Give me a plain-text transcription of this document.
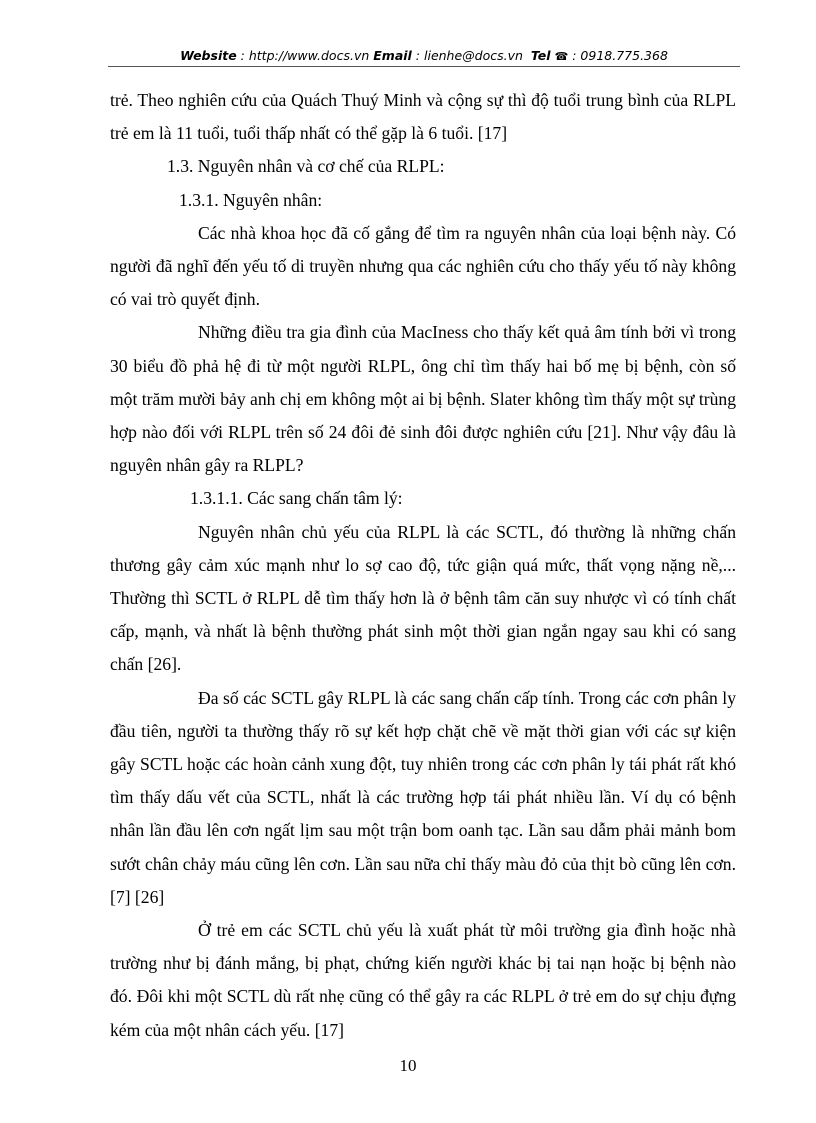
Website : http://www.docs.vn Email : lienhe@docs.vn Tel ☎ : 0918.775.368

trẻ. Theo nghiên cứu của Quách Thuý Minh và cộng sự thì độ tuổi trung bình của RLPL trẻ em là 11 tuổi, tuổi thấp nhất có thể gặp là 6 tuổi. [17]

1.3. Nguyên nhân và cơ chế của RLPL:

1.3.1. Nguyên nhân:

Các nhà khoa học đã cố gắng để tìm ra nguyên nhân của loại bệnh này. Có người đã nghĩ đến yếu tố di truyền nhưng qua các nghiên cứu cho thấy yếu tố này không có vai trò quyết định.

Những điều tra gia đình của MacIness cho thấy kết quả âm tính bởi vì trong 30 biểu đồ phả hệ đi từ một người RLPL, ông chỉ tìm thấy hai bố mẹ bị bệnh, còn số một trăm mười bảy anh chị em không một ai bị bệnh. Slater không tìm thấy một sự trùng hợp nào đối với RLPL trên số 24 đôi đẻ sinh đôi được nghiên cứu [21]. Như vậy đâu là nguyên nhân gây ra RLPL?

1.3.1.1. Các sang chấn tâm lý:

Nguyên nhân chủ yếu của RLPL là các SCTL, đó thường là những chấn thương gây cảm xúc mạnh như lo sợ cao độ, tức giận quá mức, thất vọng nặng nề,... Thường thì SCTL ở RLPL dễ tìm thấy hơn là ở bệnh tâm căn suy nhược vì có tính chất cấp, mạnh, và nhất là bệnh thường phát sinh một thời gian ngắn ngay sau khi có sang chấn [26].

Đa số các SCTL gây RLPL là các sang chấn cấp tính. Trong các cơn phân ly đầu tiên, người ta thường thấy rõ sự kết hợp chặt chẽ về mặt thời gian với các sự kiện gây SCTL hoặc các hoàn cảnh xung đột, tuy nhiên trong các cơn phân ly tái phát rất khó tìm thấy dấu vết của SCTL, nhất là các trường hợp tái phát nhiều lần. Ví dụ có bệnh nhân lần đầu lên cơn ngất lịm sau một trận bom oanh tạc. Lần sau dẫm phải mảnh bom sướt chân chảy máu cũng lên cơn. Lần sau nữa chỉ thấy màu đỏ của thịt bò cũng lên cơn.[7] [26]

Ở trẻ em các SCTL chủ yếu là xuất phát từ môi trường gia đình hoặc nhà trường như bị đánh mắng, bị phạt, chứng kiến người khác bị tai nạn hoặc bị bệnh nào đó. Đôi khi một SCTL dù rất nhẹ cũng có thể gây ra các RLPL ở trẻ em do sự chịu đựng kém của một nhân cách yếu. [17]

10
